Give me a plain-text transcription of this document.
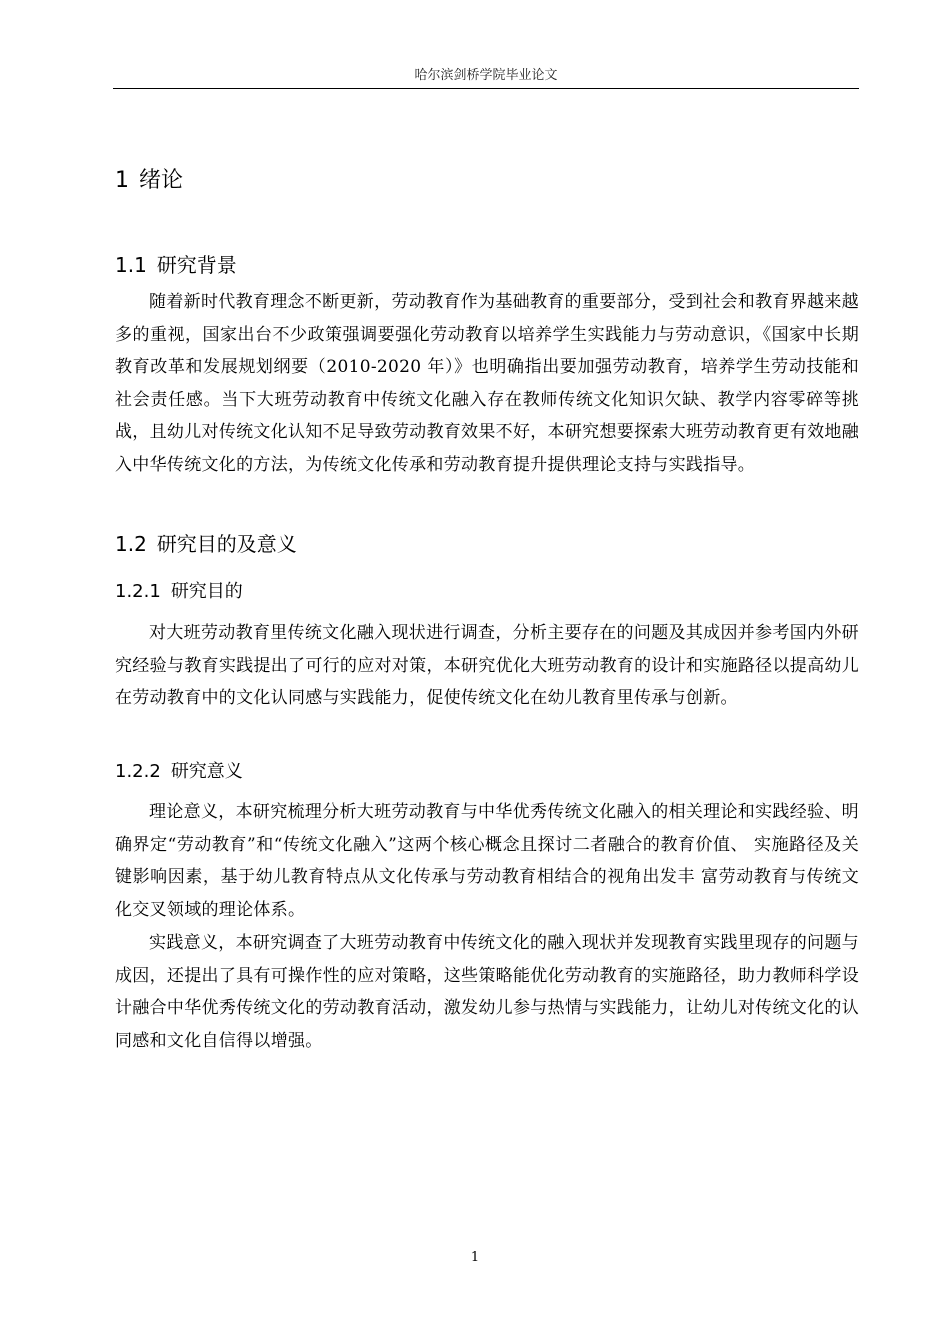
哈尔滨剑桥学院毕业论文
1 绪论
1.1 研究背景

随着新时代教育理念不断更新，劳动教育作为基础教育的重要部分，受到社会和教育界越来越多的重视，国家出台不少政策强调要强化劳动教育以培养学生实践能力与劳动意识，《国家中长期教育改革和发展规划纲要（2010-2020 年）》也明确指出要加强劳动教育，培养学生劳动技能和社会责任感。当下大班劳动教育中传统文化融入存在教师传统文化知识欠缺、教学内容零碎等挑战，且幼儿对传统文化认知不足导致劳动教育效果不好，本研究想要探索大班劳动教育更有效地融入中华传统文化的方法，为传统文化传承和劳动教育提升提供理论支持与实践指导。

1.2 研究目的及意义
1.2.1 研究目的

对大班劳动教育里传统文化融入现状进行调查，分析主要存在的问题及其成因并参考国内外研究经验与教育实践提出了可行的应对对策，本研究优化大班劳动教育的设计和实施路径以提高幼儿在劳动教育中的文化认同感与实践能力，促使传统文化在幼儿教育里传承与创新。

1.2.2 研究意义

理论意义，本研究梳理分析大班劳动教育与中华优秀传统文化融入的相关理论和实践经验、明确界定“劳动教育”和“传统文化融入”这两个核心概念且探讨二者融合的教育价值、 实施路径及关键影响因素，基于幼儿教育特点从文化传承与劳动教育相结合的视角出发丰 富劳动教育与传统文化交叉领域的理论体系。

实践意义，本研究调查了大班劳动教育中传统文化的融入现状并发现教育实践里现存的问题与成因，还提出了具有可操作性的应对策略，这些策略能优化劳动教育的实施路径，助力教师科学设计融合中华优秀传统文化的劳动教育活动，激发幼儿参与热情与实践能力，让幼儿对传统文化的认同感和文化自信得以增强。

1
